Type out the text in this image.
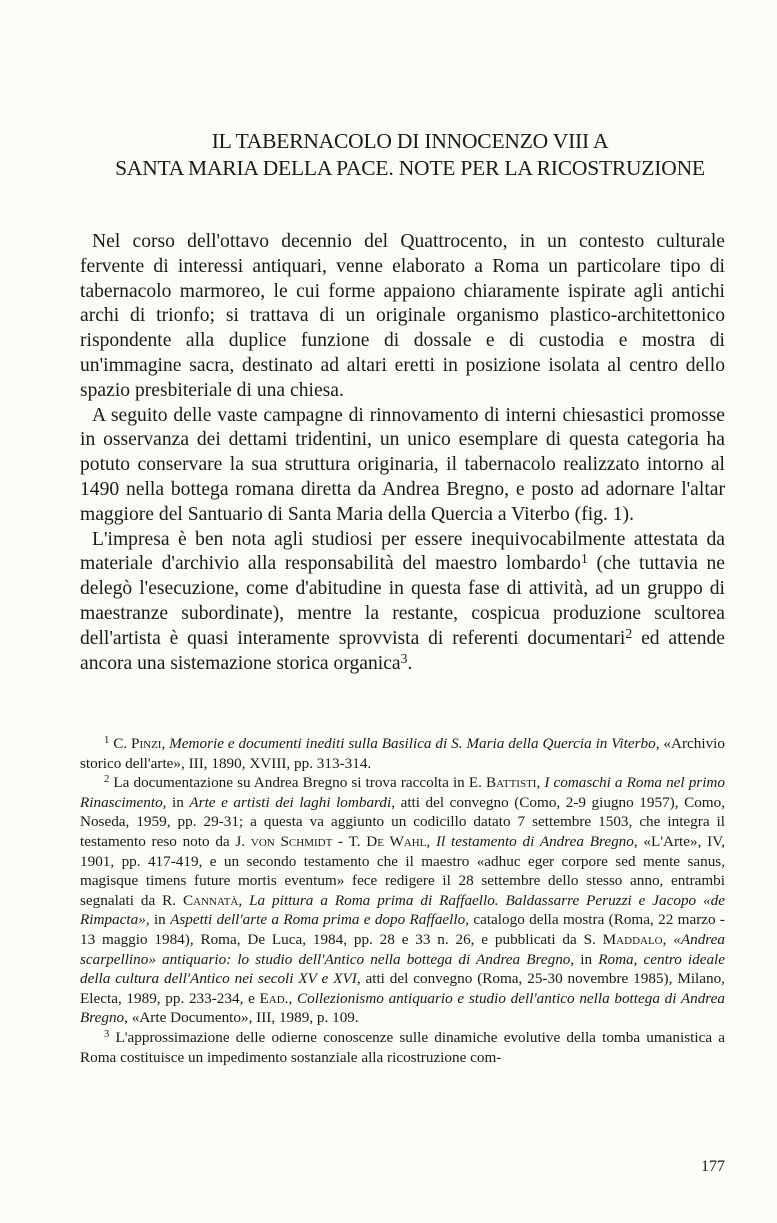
IL TABERNACOLO DI INNOCENZO VIII A
SANTA MARIA DELLA PACE. NOTE PER LA RICOSTRUZIONE

Nel corso dell'ottavo decennio del Quattrocento, in un contesto culturale fervente di interessi antiquari, venne elaborato a Roma un particolare tipo di tabernacolo marmoreo, le cui forme appaiono chiaramente ispirate agli antichi archi di trionfo; si trattava di un originale organismo plastico-architettonico rispondente alla duplice funzione di dossale e di custodia e mostra di un'immagine sacra, destinato ad altari eretti in posizione isolata al centro dello spazio presbiteriale di una chiesa.

A seguito delle vaste campagne di rinnovamento di interni chiesastici promosse in osservanza dei dettami tridentini, un unico esemplare di questa categoria ha potuto conservare la sua struttura originaria, il tabernacolo realizzato intorno al 1490 nella bottega romana diretta da Andrea Bregno, e posto ad adornare l'altar maggiore del Santuario di Santa Maria della Quercia a Viterbo (fig. 1).

L'impresa è ben nota agli studiosi per essere inequivocabilmente attestata da materiale d'archivio alla responsabilità del maestro lombardo$^1$ (che tuttavia ne delegò l'esecuzione, come d'abitudine in questa fase di attività, ad un gruppo di maestranze subordinate), mentre la restante, cospicua produzione scultorea dell'artista è quasi interamente sprovvista di referenti documentari$^2$ ed attende ancora una sistemazione storica organica$^3$.

$^1$ C. Pinzi, Memorie e documenti inediti sulla Basilica di S. Maria della Quercia in Viterbo, «Archivio storico dell'arte», III, 1890, XVIII, pp. 313-314.

$^2$ La documentazione su Andrea Bregno si trova raccolta in E. Battisti, I comaschi a Roma nel primo Rinascimento, in Arte e artisti dei laghi lombardi, atti del convegno (Como, 2-9 giugno 1957), Como, Noseda, 1959, pp. 29-31; a questa va aggiunto un codicillo datato 7 settembre 1503, che integra il testamento reso noto da J. von Schmidt - T. De Wahl, Il testamento di Andrea Bregno, «L'Arte», IV, 1901, pp. 417-419, e un secondo testamento che il maestro «adhuc eger corpore sed mente sanus, magisque timens future mortis eventum» fece redigere il 28 settembre dello stesso anno, entrambi segnalati da R. Cannatà, La pittura a Roma prima di Raffaello. Baldassarre Peruzzi e Jacopo «de Rimpacta», in Aspetti dell'arte a Roma prima e dopo Raffaello, catalogo della mostra (Roma, 22 marzo - 13 maggio 1984), Roma, De Luca, 1984, pp. 28 e 33 n. 26, e pubblicati da S. Maddalo, «Andrea scarpellino» antiquario: lo studio dell'Antico nella bottega di Andrea Bregno, in Roma, centro ideale della cultura dell'Antico nei secoli XV e XVI, atti del convegno (Roma, 25-30 novembre 1985), Milano, Electa, 1989, pp. 233-234, e Ead., Collezionismo antiquario e studio dell'antico nella bottega di Andrea Bregno, «Arte Documento», III, 1989, p. 109.

$^3$ L'approssimazione delle odierne conoscenze sulle dinamiche evolutive della tomba umanistica a Roma costituisce un impedimento sostanziale alla ricostruzione com-

177
